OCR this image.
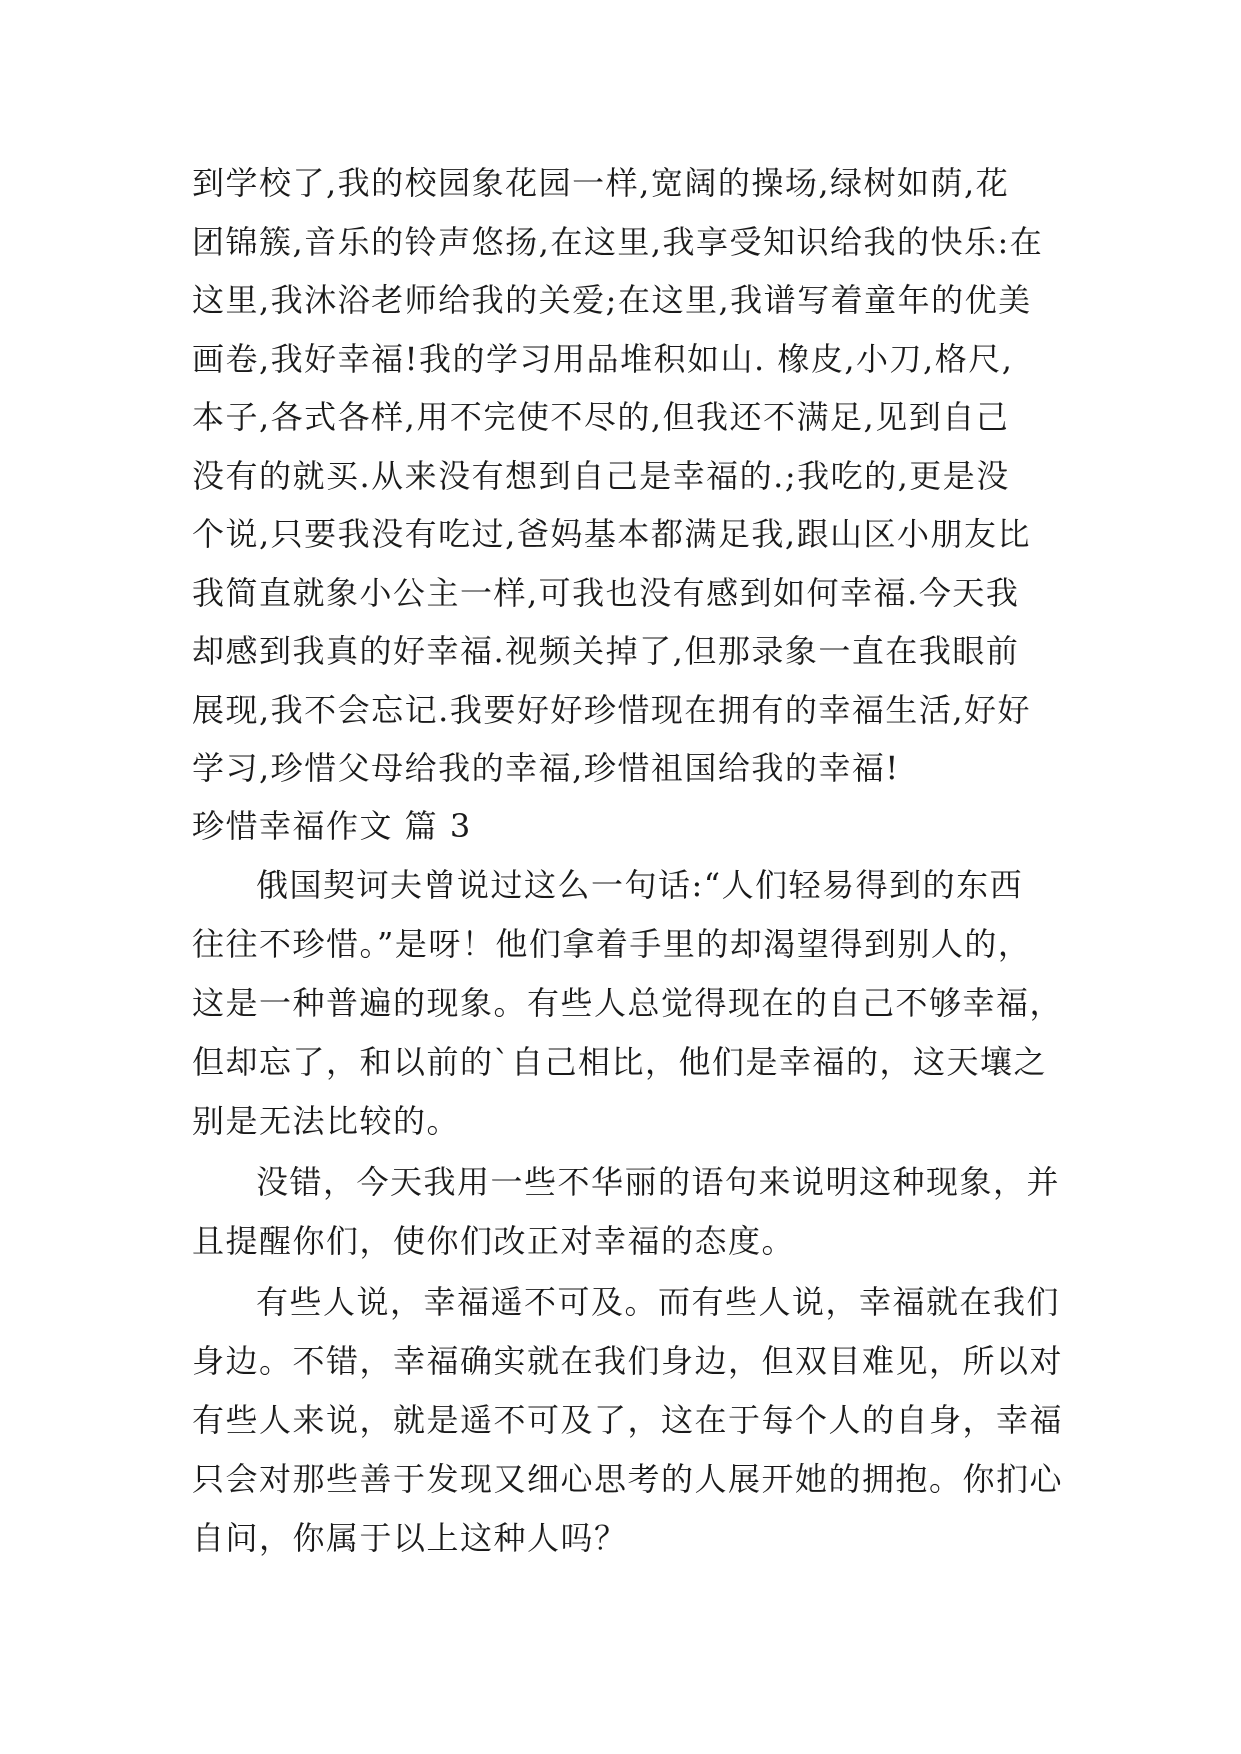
到学校了,我的校园象花园一样,宽阔的操场,绿树如荫,花
团锦簇,音乐的铃声悠扬,在这里,我享受知识给我的快乐:在
这里,我沐浴老师给我的关爱;在这里,我谱写着童年的优美
画卷,我好幸福!我的学习用品堆积如山. 橡皮,小刀,格尺,
本子,各式各样,用不完使不尽的,但我还不满足,见到自己
没有的就买.从来没有想到自己是幸福的.;我吃的,更是没
个说,只要我没有吃过,爸妈基本都满足我,跟山区小朋友比
我简直就象小公主一样,可我也没有感到如何幸福.今天我
却感到我真的好幸福.视频关掉了,但那录象一直在我眼前
展现,我不会忘记.我要好好珍惜现在拥有的幸福生活,好好
学习,珍惜父母给我的幸福,珍惜祖国给我的幸福!
珍惜幸福作文 篇 3
俄国契诃夫曾说过这么一句话:“人们轻易得到的东西
往往不珍惜。”是呀！他们拿着手里的却渴望得到别人的，
这是一种普遍的现象。有些人总觉得现在的自己不够幸福，
但却忘了，和以前的`自己相比，他们是幸福的，这天壤之
别是无法比较的。
没错，今天我用一些不华丽的语句来说明这种现象，并
且提醒你们，使你们改正对幸福的态度。
有些人说，幸福遥不可及。而有些人说，幸福就在我们
身边。不错，幸福确实就在我们身边，但双目难见，所以对
有些人来说，就是遥不可及了，这在于每个人的自身，幸福
只会对那些善于发现又细心思考的人展开她的拥抱。你扪心
自问，你属于以上这种人吗？
